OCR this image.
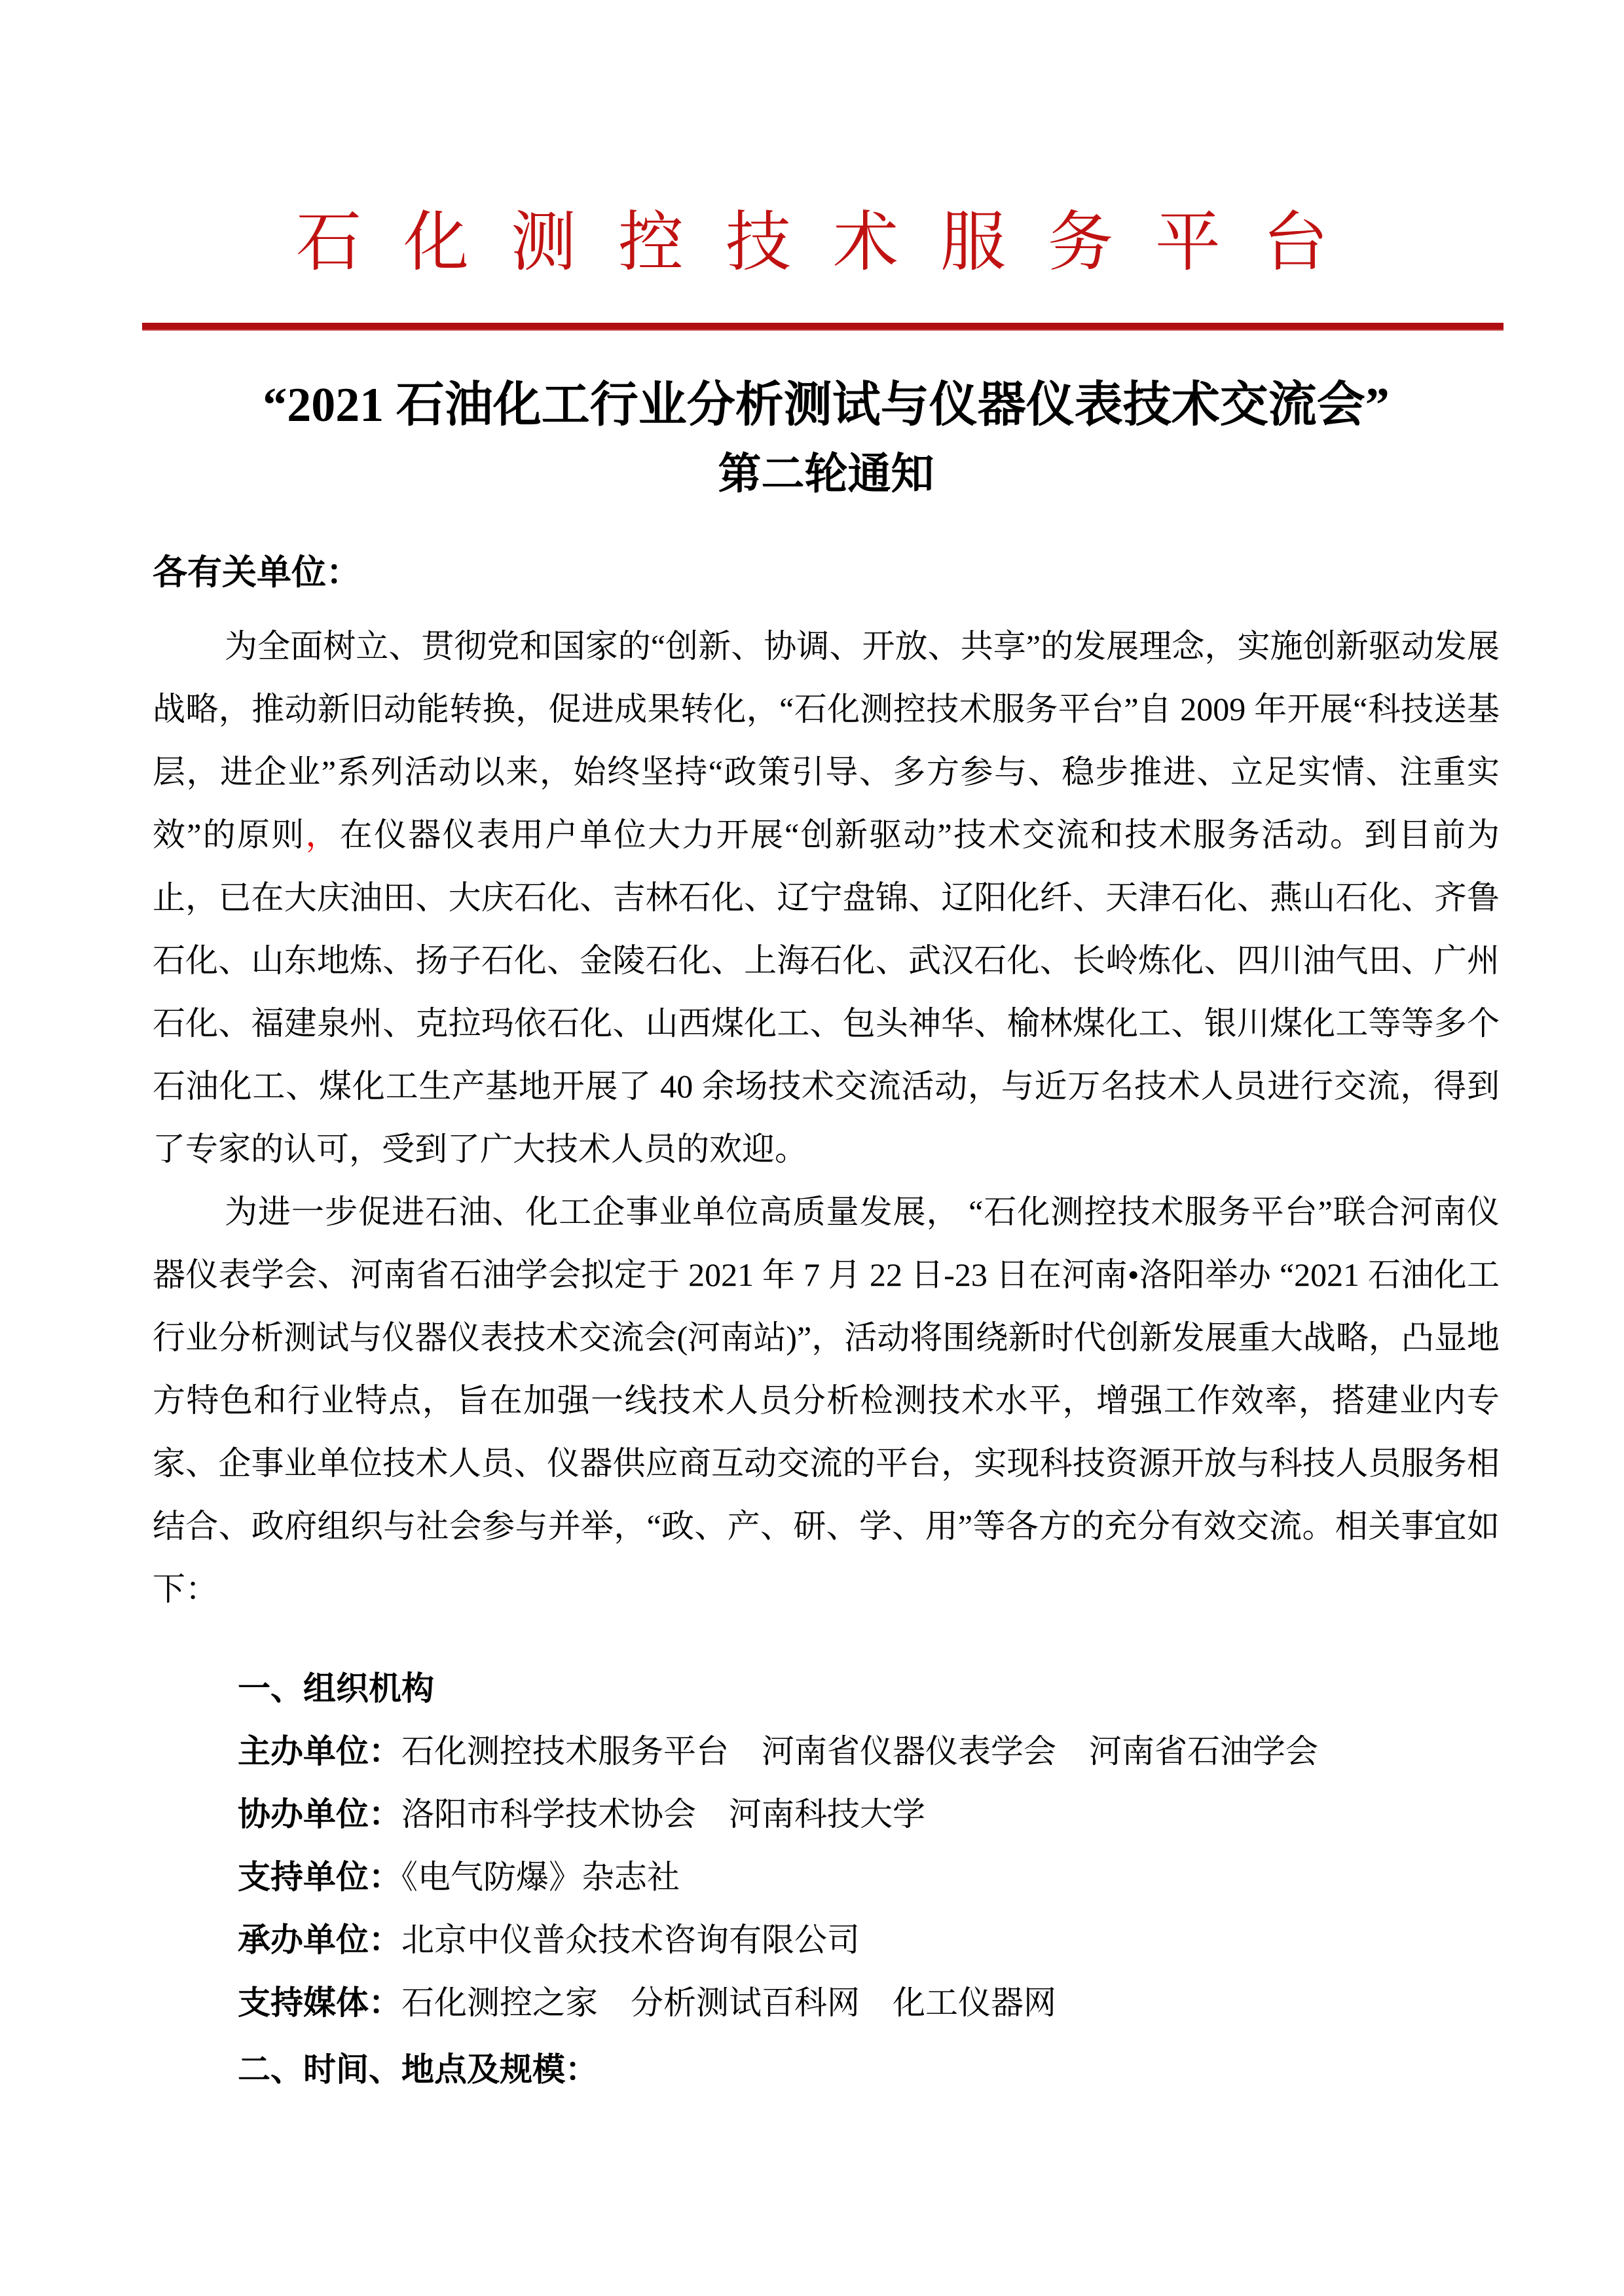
石化测控技术服务平台
“2021 石油化工行业分析测试与仪器仪表技术交流会”
第二轮通知
各有关单位：

为全面树立、贯彻党和国家的“创新、协调、开放、共享”的发展理念，实施创新驱动发展战略，推动新旧动能转换，促进成果转化，“石化测控技术服务平台”自 2009 年开展“科技送基层，进企业”系列活动以来，始终坚持“政策引导、多方参与、稳步推进、立足实情、注重实效”的原则，在仪器仪表用户单位大力开展“创新驱动”技术交流和技术服务活动。到目前为止，已在大庆油田、大庆石化、吉林石化、辽宁盘锦、辽阳化纤、天津石化、燕山石化、齐鲁石化、山东地炼、扬子石化、金陵石化、上海石化、武汉石化、长岭炼化、四川油气田、广州石化、福建泉州、克拉玛依石化、山西煤化工、包头神华、榆林煤化工、银川煤化工等等多个石油化工、煤化工生产基地开展了 40 余场技术交流活动，与近万名技术人员进行交流，得到了专家的认可，受到了广大技术人员的欢迎。

为进一步促进石油、化工企事业单位高质量发展， “石化测控技术服务平台”联合河南仪器仪表学会、河南省石油学会拟定于 2021 年 7 月 22 日-23 日在河南•洛阳举办 “2021 石油化工行业分析测试与仪器仪表技术交流会(河南站)”，活动将围绕新时代创新发展重大战略，凸显地方特色和行业特点，旨在加强一线技术人员分析检测技术水平，增强工作效率，搭建业内专家、企事业单位技术人员、仪器供应商互动交流的平台，实现科技资源开放与科技人员服务相结合、政府组织与社会参与并举，“政、产、研、学、用”等各方的充分有效交流。相关事宜如下：

一、组织机构
主办单位：石化测控技术服务平台　河南省仪器仪表学会　河南省石油学会
协办单位：洛阳市科学技术协会　河南科技大学
支持单位：《电气防爆》杂志社
承办单位：北京中仪普众技术咨询有限公司
支持媒体：石化测控之家　分析测试百科网　化工仪器网
二、时间、地点及规模：
